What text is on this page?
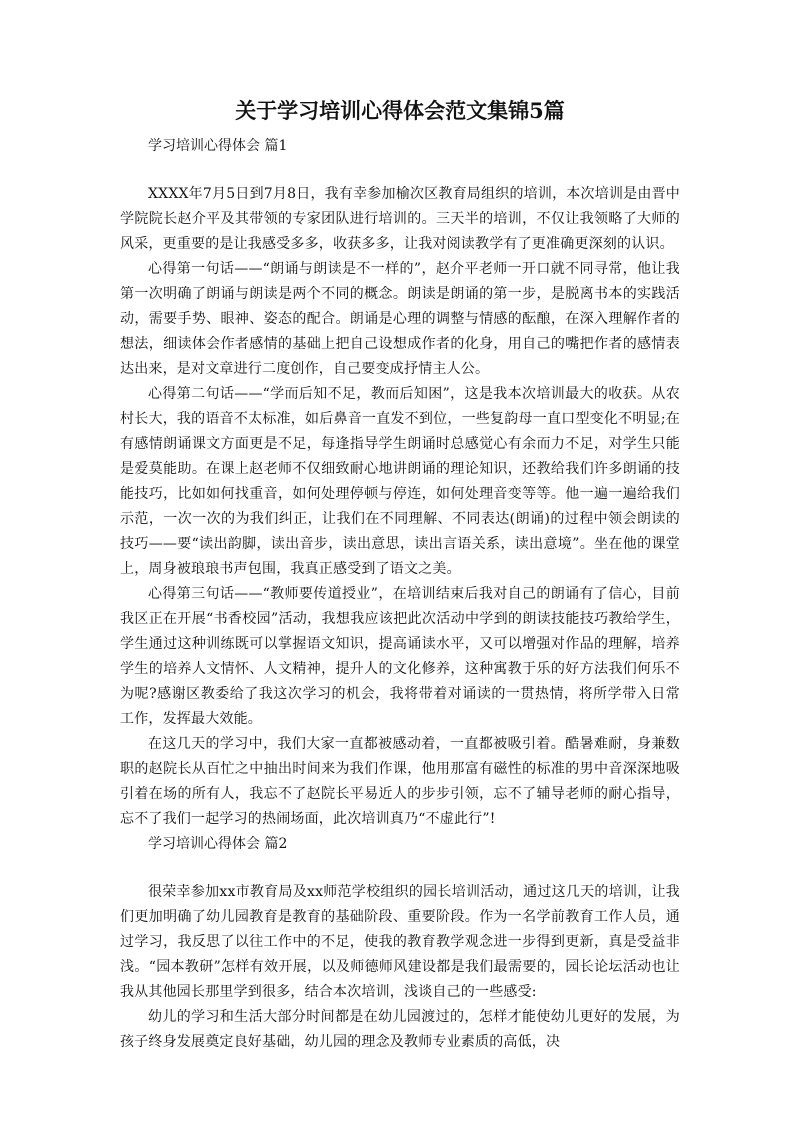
关于学习培训心得体会范文集锦5篇

学习培训心得体会 篇1

XXXX年7月5日到7月8日，我有幸参加榆次区教育局组织的培训，本次培训是由晋中学院院长赵介平及其带领的专家团队进行培训的。三天半的培训，不仅让我领略了大师的风采，更重要的是让我感受多多，收获多多，让我对阅读教学有了更准确更深刻的认识。

心得第一句话——“朗诵与朗读是不一样的”，赵介平老师一开口就不同寻常，他让我第一次明确了朗诵与朗读是两个不同的概念。朗读是朗诵的第一步，是脱离书本的实践活动，需要手势、眼神、姿态的配合。朗诵是心理的调整与情感的酝酿，在深入理解作者的想法，细读体会作者感情的基础上把自己设想成作者的化身，用自己的嘴把作者的感情表达出来，是对文章进行二度创作，自己要变成抒情主人公。

心得第二句话——“学而后知不足，教而后知困”，这是我本次培训最大的收获。从农村长大，我的语音不太标准，如后鼻音一直发不到位，一些复韵母一直口型变化不明显;在有感情朗诵课文方面更是不足，每逢指导学生朗诵时总感觉心有余而力不足，对学生只能是爱莫能助。在课上赵老师不仅细致耐心地讲朗诵的理论知识，还教给我们许多朗诵的技能技巧，比如如何找重音，如何处理停顿与停连，如何处理音变等等。他一遍一遍给我们示范，一次一次的为我们纠正，让我们在不同理解、不同表达(朗诵)的过程中领会朗读的技巧——要“读出韵脚，读出音步，读出意思，读出言语关系，读出意境”。坐在他的课堂上，周身被琅琅书声包围，我真正感受到了语文之美。

心得第三句话——“教师要传道授业”，在培训结束后我对自己的朗诵有了信心，目前我区正在开展“书香校园”活动，我想我应该把此次活动中学到的朗读技能技巧教给学生，学生通过这种训练既可以掌握语文知识，提高诵读水平，又可以增强对作品的理解，培养学生的培养人文情怀、人文精神，提升人的文化修养，这种寓教于乐的好方法我们何乐不为呢?感谢区教委给了我这次学习的机会，我将带着对诵读的一贯热情，将所学带入日常工作，发挥最大效能。

在这几天的学习中，我们大家一直都被感动着，一直都被吸引着。酷暑难耐，身兼数职的赵院长从百忙之中抽出时间来为我们作课，他用那富有磁性的标准的男中音深深地吸引着在场的所有人，我忘不了赵院长平易近人的步步引领，忘不了辅导老师的耐心指导，忘不了我们一起学习的热闹场面，此次培训真乃“不虚此行”!

学习培训心得体会 篇2

很荣幸参加xx市教育局及xx师范学校组织的园长培训活动，通过这几天的培训，让我们更加明确了幼儿园教育是教育的基础阶段、重要阶段。作为一名学前教育工作人员，通过学习，我反思了以往工作中的不足，使我的教育教学观念进一步得到更新，真是受益非浅。“园本教研”怎样有效开展，以及师德师风建设都是我们最需要的，园长论坛活动也让我从其他园长那里学到很多，结合本次培训，浅谈自己的一些感受:

幼儿的学习和生活大部分时间都是在幼儿园渡过的，怎样才能使幼儿更好的发展，为孩子终身发展奠定良好基础，幼儿园的理念及教师专业素质的高低，决
